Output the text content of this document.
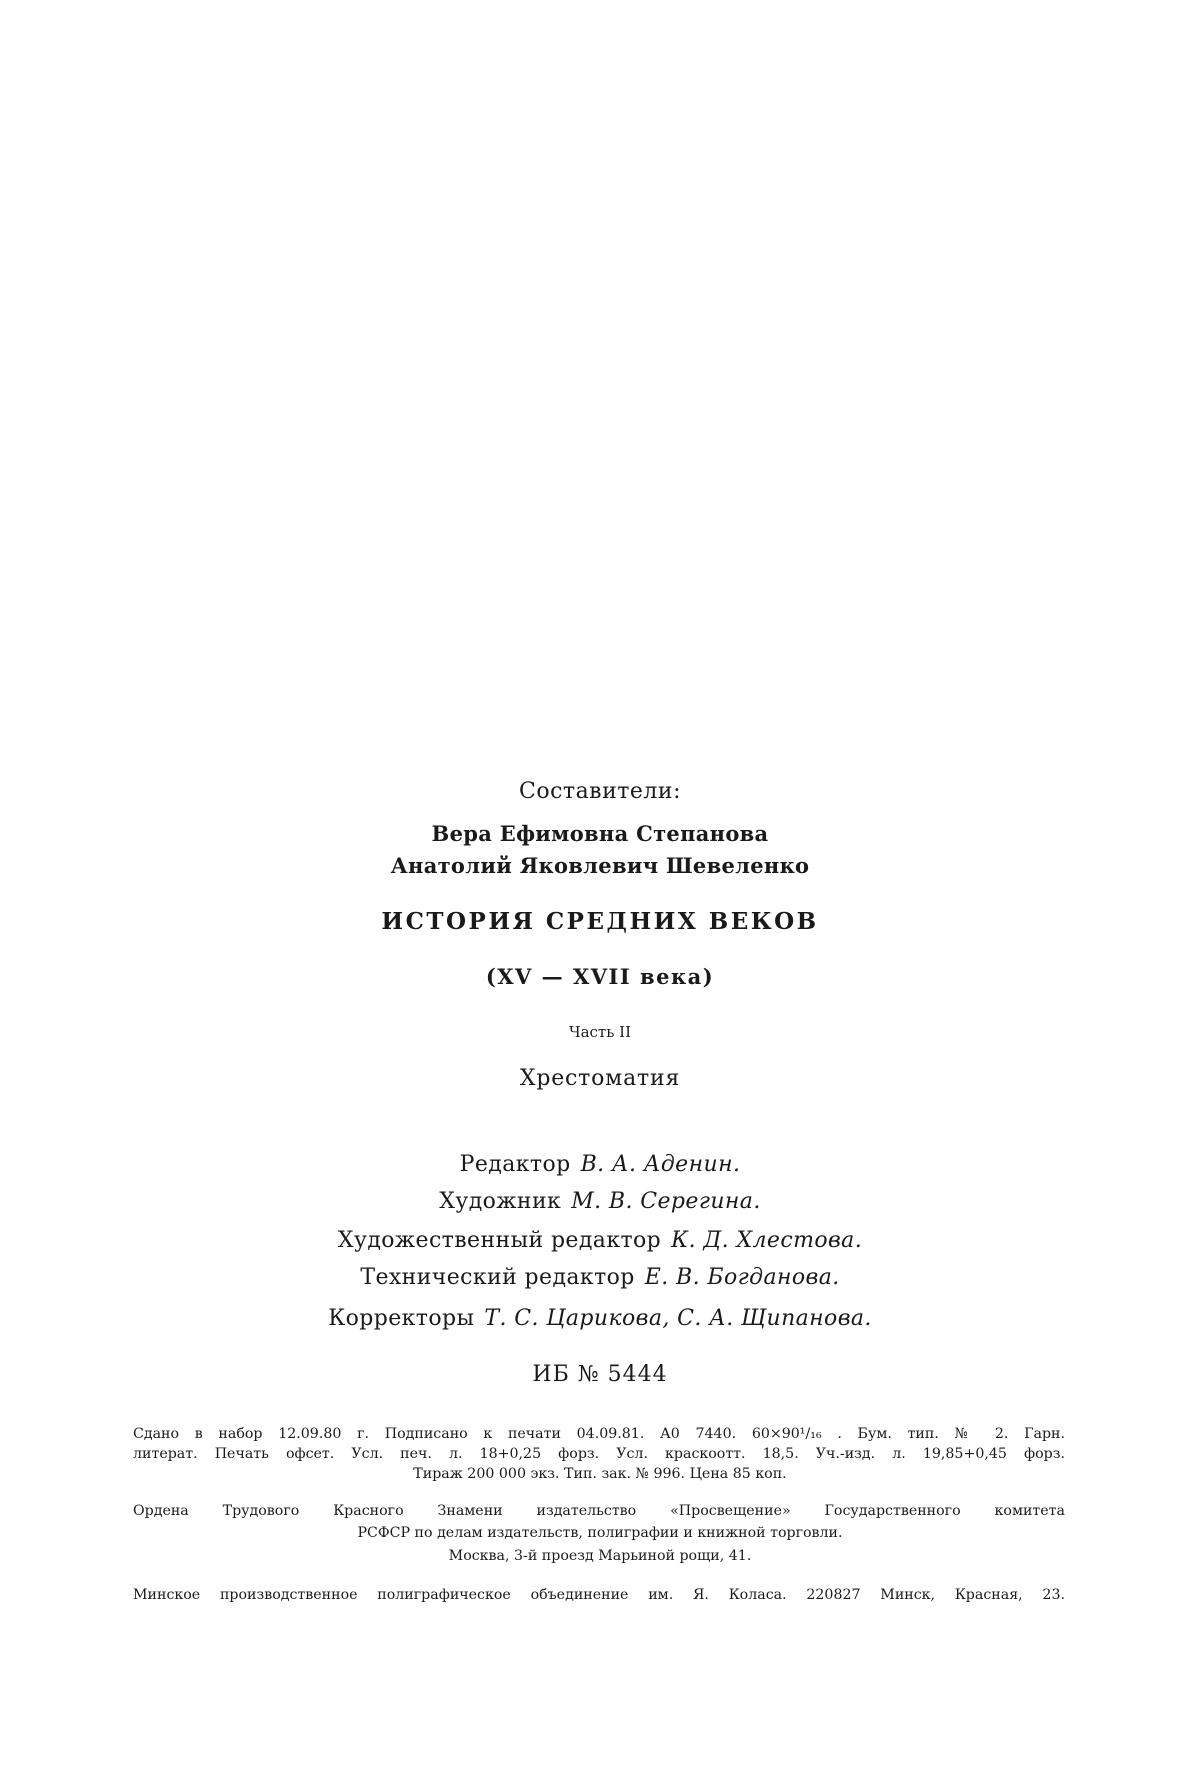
Составители:
Вера Ефимовна Степанова
Анатолий Яковлевич Шевеленко
ИСТОРИЯ СРЕДНИХ ВЕКОВ
(XV — XVII века)
Часть II
Хрестоматия
Редактор В. А. Аденин.
Художник М. В. Серегина.
Художественный редактор К. Д. Хлестова.
Технический редактор Е. В. Богданова.
Корректоры Т. С. Царикова, С. А. Щипанова.
ИБ № 5444
Сдано в набор 12.09.80 г. Подписано к печати 04.09.81. А0 7440. 60×90¹/₁₆ . Бум. тип. № 2. Гарн.
литерат. Печать офсет. Усл. печ. л. 18+0,25 форз. Усл. краскоотт. 18,5. Уч.-изд. л. 19,85+0,45 форз.
Тираж 200 000 экз. Тип. зак. № 996. Цена 85 коп.
Ордена Трудового Красного Знамени издательство «Просвещение» Государственного комитета
РСФСР по делам издательств, полиграфии и книжной торговли.
Москва, 3-й проезд Марьиной рощи, 41.
Минское производственное полиграфическое объединение им. Я. Коласа. 220827 Минск, Красная, 23.
